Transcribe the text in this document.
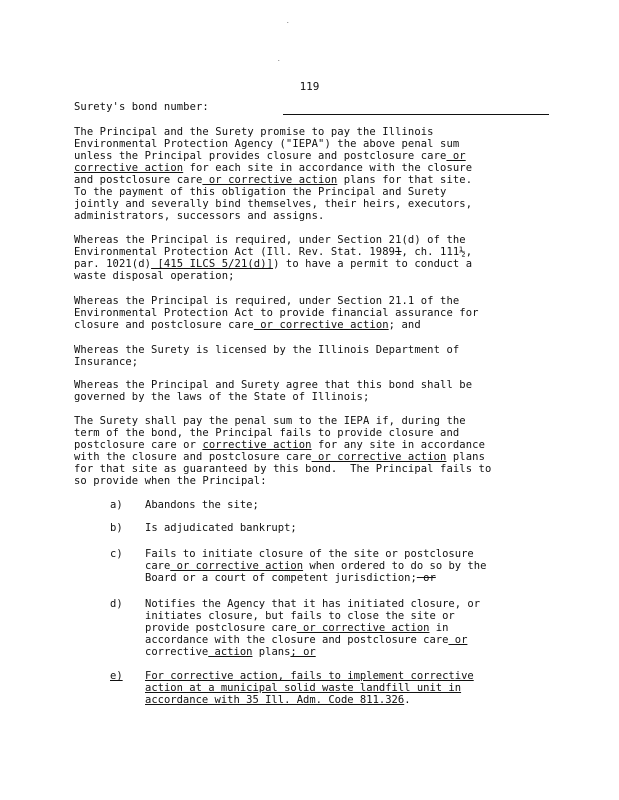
.
.
119
Surety's bond number:
The Principal and the Surety promise to pay the Illinois
Environmental Protection Agency ("IEPA") the above penal sum
unless the Principal provides closure and postclosure care or
corrective action for each site in accordance with the closure
and postclosure care or corrective action plans for that site.
To the payment of this obligation the Principal and Surety
jointly and severally bind themselves, their heirs, executors,
administrators, successors and assigns.
Whereas the Principal is required, under Section 21(d) of the
Environmental Protection Act (Ill. Rev. Stat. 19891, ch. 111½,
par. 1021(d) [415 ILCS 5/21(d)]) to have a permit to conduct a
waste disposal operation;
Whereas the Principal is required, under Section 21.1 of the
Environmental Protection Act to provide financial assurance for
closure and postclosure care or corrective action; and
Whereas the Surety is licensed by the Illinois Department of
Insurance;
Whereas the Principal and Surety agree that this bond shall be
governed by the laws of the State of Illinois;
The Surety shall pay the penal sum to the IEPA if, during the
term of the bond, the Principal fails to provide closure and
postclosure care or corrective action for any site in accordance
with the closure and postclosure care or corrective action plans
for that site as guaranteed by this bond.  The Principal fails to
so provide when the Principal:
a) Abandons the site;
b) Is adjudicated bankrupt;
c) Fails to initiate closure of the site or postclosure
care or corrective action when ordered to do so by the
Board or a court of competent jurisdiction; or
d) Notifies the Agency that it has initiated closure, or
initiates closure, but fails to close the site or
provide postclosure care or corrective action in
accordance with the closure and postclosure care or
corrective action plans; or
e) For corrective action, fails to implement corrective
action at a municipal solid waste landfill unit in
accordance with 35 Ill. Adm. Code 811.326.
